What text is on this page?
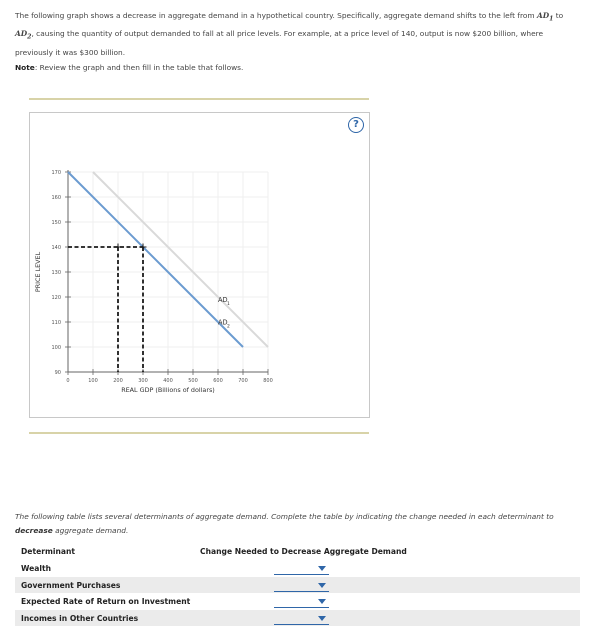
The following graph shows a decrease in aggregate demand in a hypothetical country. Specifically, aggregate demand shifts to the left from $AD_1$ to $AD_2$, causing the quantity of output demanded to fall at all price levels. For example, at a price level of 140, output is now $200 billion, where previously it was $300 billion.
Note: Review the graph and then fill in the table that follows.
90
100
110
120
130
140
150
160
170
0	100	200	300	400	500	600	700	800
PRICE LEVEL
REAL GDP (Billions of dollars)
AD
1
AD
2
?
The following table lists several determinants of aggregate demand. Complete the table by indicating the change needed in each determinant to decrease aggregate demand.
Determinant	Change Needed to Decrease Aggregate Demand
Wealth
Government Purchases
Expected Rate of Return on Investment
Incomes in Other Countries
